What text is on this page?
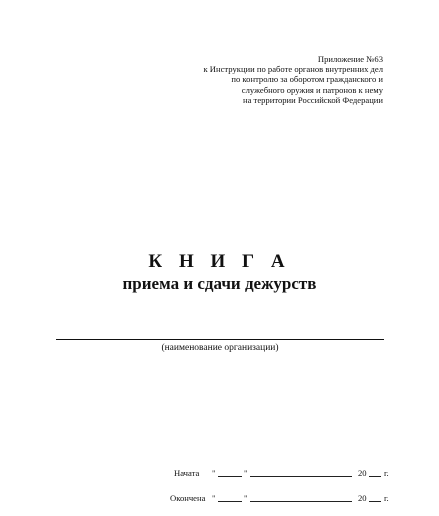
Приложение №63
к Инструкции по работе органов внутренних дел
по контролю за оборотом гражданского и
служебного оружия и патронов к нему
на территории Российской Федерации
К Н И Г А
приема и сдачи дежурств
(наименование организации)
Начата "	"	20 г.
Окончена "	"	20 г.
